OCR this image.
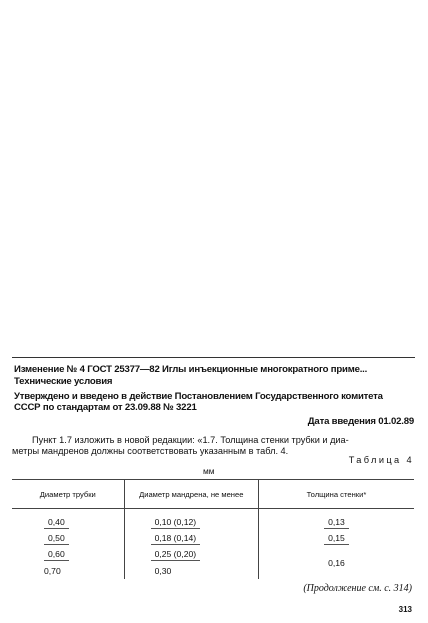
Изменение № 4 ГОСТ 25377—82 Иглы инъекционные многократного приме...
Технические условия
Утверждено и введено в действие Постановлением Государственного комитета
СССР по стандартам от 23.09.88 № 3221
Дата введения 01.02.89
Пункт 1.7 изложить в новой редакции: «1.7. Толщина стенки трубки и диа-
метры мандренов должны соответствовать указанным в табл. 4.
Таблица 4
мм
Диаметр трубки	Диаметр мандрена, не менее	Толщина стенки*

0,40	0,10 (0,12)	0,13
0,50	0,18 (0,14)	0,15
0,60	0,25 (0,20)	0,16
0,70	0,30	
(Продолжение см. с. 314)
313
